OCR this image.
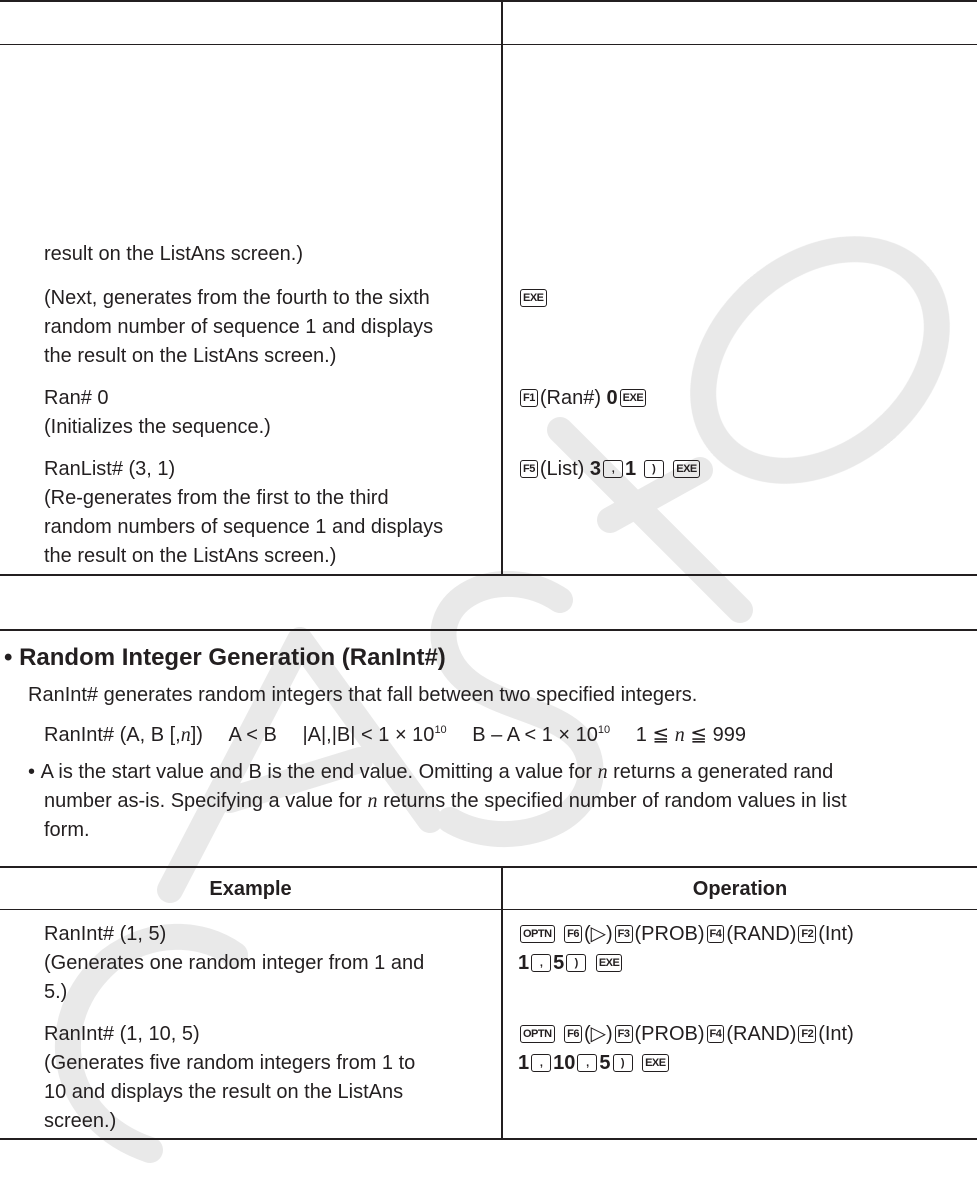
result on the ListAns screen.)
(Next, generates from the fourth to the sixth
random number of sequence 1 and displays
the result on the ListAns screen.)
EXE
Ran# 0
(Initializes the sequence.)
F1 (Ran#) 0 EXE
RanList# (3, 1)
(Re-generates from the first to the third
random numbers of sequence 1 and displays
the result on the ListAns screen.)
F5 (List) 3 , 1 ) EXE
• Random Integer Generation (RanInt#)
RanInt# generates random integers that fall between two specified integers.
RanInt# (A, B [,n]) A < B $|A|,|B| < 1 \times 10^{10}$ $B - A < 1 \times 10^{10}$ 1 ≦ n ≦ 999
• A is the start value and B is the end value. Omitting a value for n returns a generated rand
number as-is. Specifying a value for n returns the specified number of random values in list
form.
Example	Operation
RanInt# (1, 5)
(Generates one random integer from 1 and
5.)
OPTN F6 (▷) F3 (PROB) F4 (RAND) F2 (Int)
1 , 5 ) EXE
RanInt# (1, 10, 5)
(Generates five random integers from 1 to
10 and displays the result on the ListAns
screen.)
OPTN F6 (▷) F3 (PROB) F4 (RAND) F2 (Int)
1 , 10 , 5 ) EXE
